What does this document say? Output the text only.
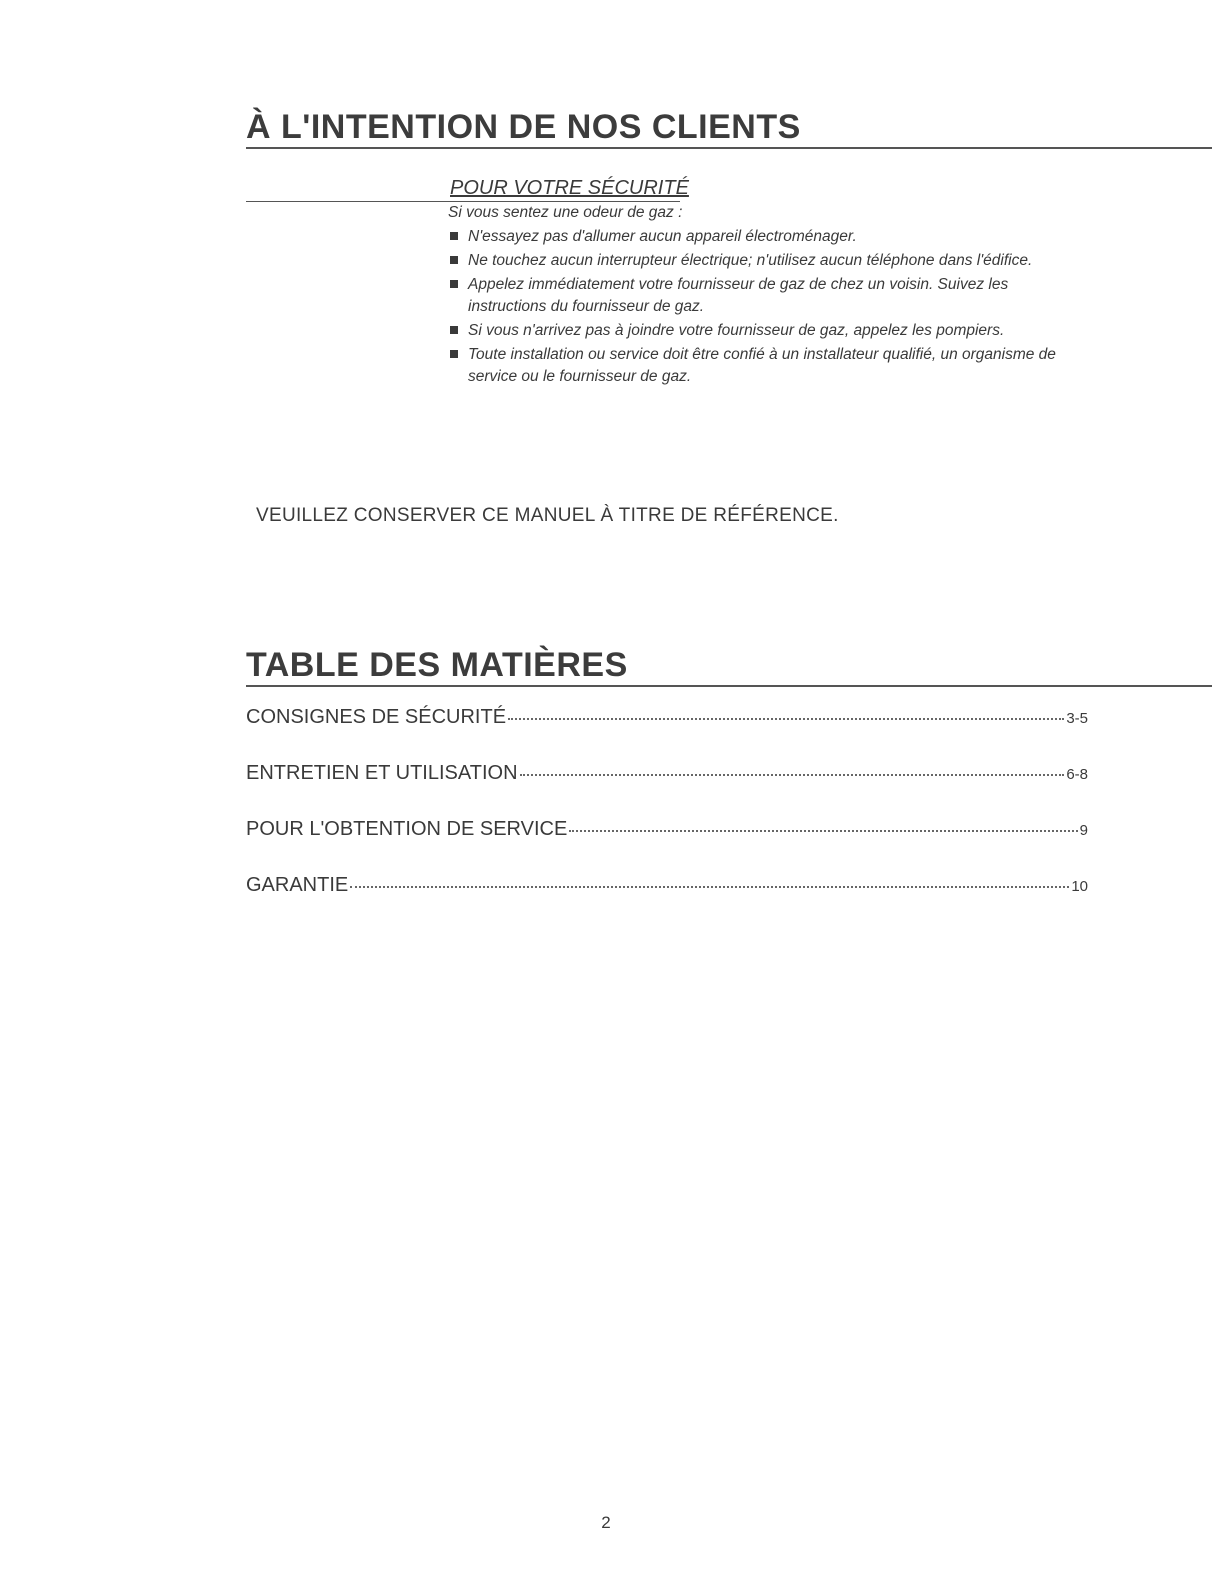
À L'INTENTION DE NOS CLIENTS
POUR VOTRE SÉCURITÉ

Si vous sentez une odeur de gaz :

N'essayez pas d'allumer aucun appareil électroménager.
Ne touchez aucun interrupteur électrique; n'utilisez aucun téléphone dans l'édifice.
Appelez immédiatement votre fournisseur de gaz de chez un voisin. Suivez les instructions du fournisseur de gaz.
Si vous n'arrivez pas à joindre votre fournisseur de gaz, appelez les pompiers.
Toute installation ou service doit être confié à un installateur qualifié, un organisme de service ou le fournisseur de gaz.
VEUILLEZ CONSERVER CE MANUEL À TITRE DE RÉFÉRENCE.
TABLE DES MATIÈRES
CONSIGNES DE SÉCURITÉ	3-5
ENTRETIEN ET UTILISATION	6-8
POUR L'OBTENTION DE SERVICE	9
GARANTIE	10
2
